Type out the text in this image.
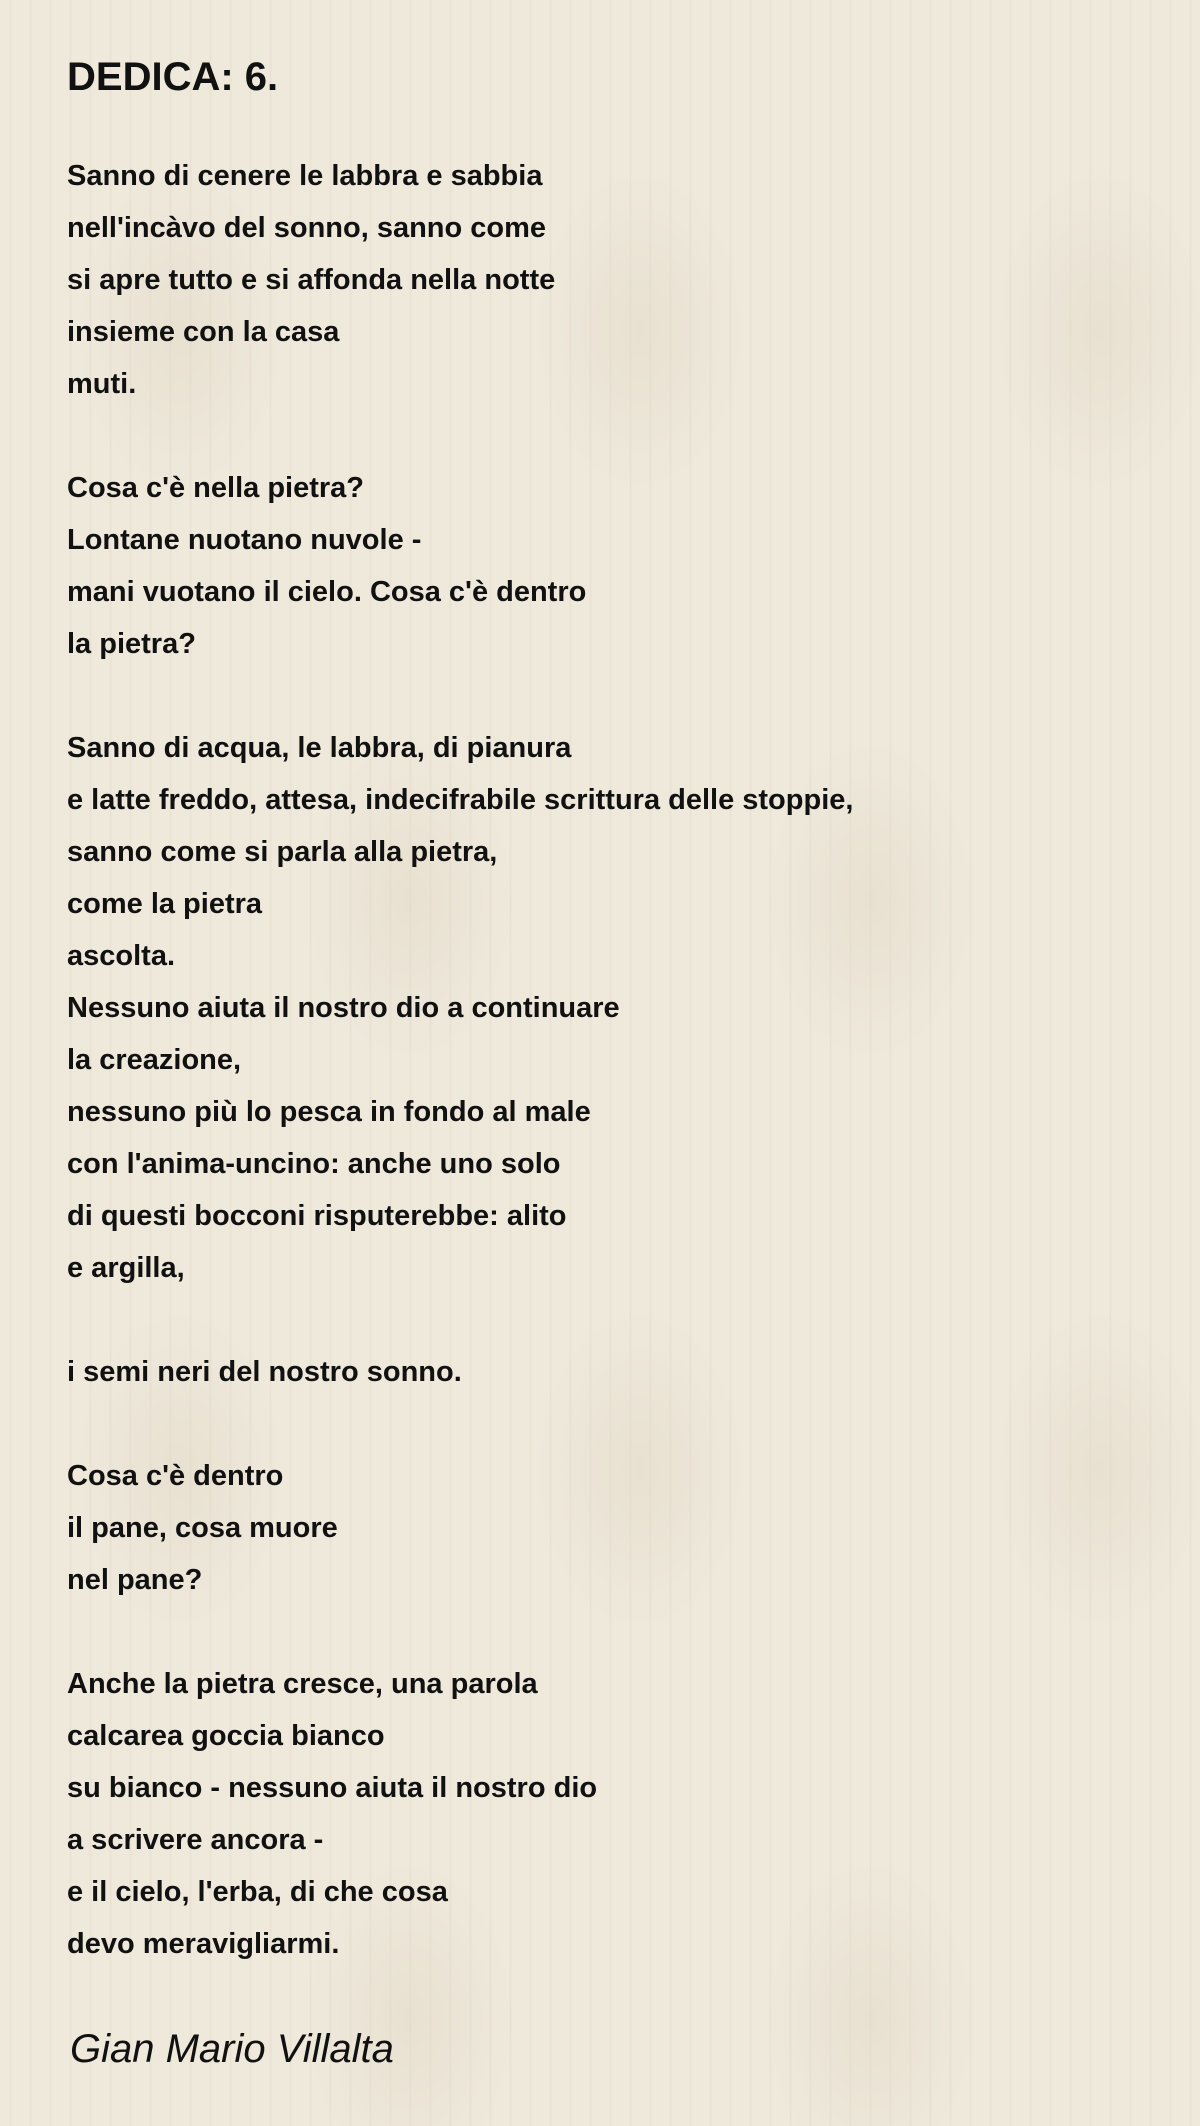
DEDICA: 6.
Sanno di cenere le labbra e sabbia
nell'incàvo del sonno, sanno come
si apre tutto e si affonda nella notte
insieme con la casa
muti.

Cosa c'è nella pietra?
Lontane nuotano nuvole -
mani vuotano il cielo. Cosa c'è dentro
la pietra?

Sanno di acqua, le labbra, di pianura
e latte freddo, attesa, indecifrabile scrittura delle stoppie,
sanno come si parla alla pietra,
come la pietra
ascolta.
Nessuno aiuta il nostro dio a continuare
la creazione,
nessuno più lo pesca in fondo al male
con l'anima-uncino: anche uno solo
di questi bocconi risputerebbe: alito
e argilla,

i semi neri del nostro sonno.

Cosa c'è dentro
il pane, cosa muore
nel pane?

Anche la pietra cresce, una parola
calcarea goccia bianco
su bianco - nessuno aiuta il nostro dio
a scrivere ancora -
e il cielo, l'erba, di che cosa
devo meravigliarmi.
Gian Mario Villalta
